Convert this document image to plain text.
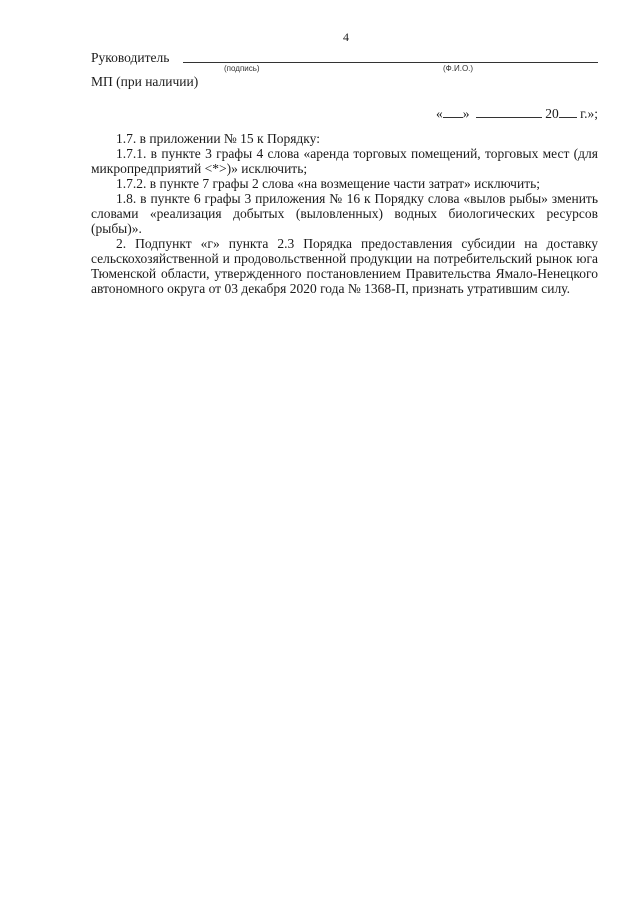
4
Руководитель
(подпись)	(Ф.И.О.)
МП (при наличии)
« »	20 г.»;

1.7. в приложении № 15 к Порядку:

1.7.1. в пункте 3 графы 4 слова «аренда торговых помещений, торговых мест (для микропредприятий <*>)» исключить;

1.7.2. в пункте 7 графы 2 слова «на возмещение части затрат» исключить;

1.8. в пункте 6 графы 3 приложения № 16 к Порядку слова «вылов рыбы» зменить словами «реализация добытых (выловленных) водных биологических ресурсов (рыбы)».

2. Подпункт «г» пункта 2.3 Порядка предоставления субсидии на доставку сельскохозяйственной и продовольственной продукции на потребительский рынок юга Тюменской области, утвержденного постановлением Правительства Ямало-Ненецкого автономного округа от 03 декабря 2020 года № 1368-П, признать утратившим силу.
